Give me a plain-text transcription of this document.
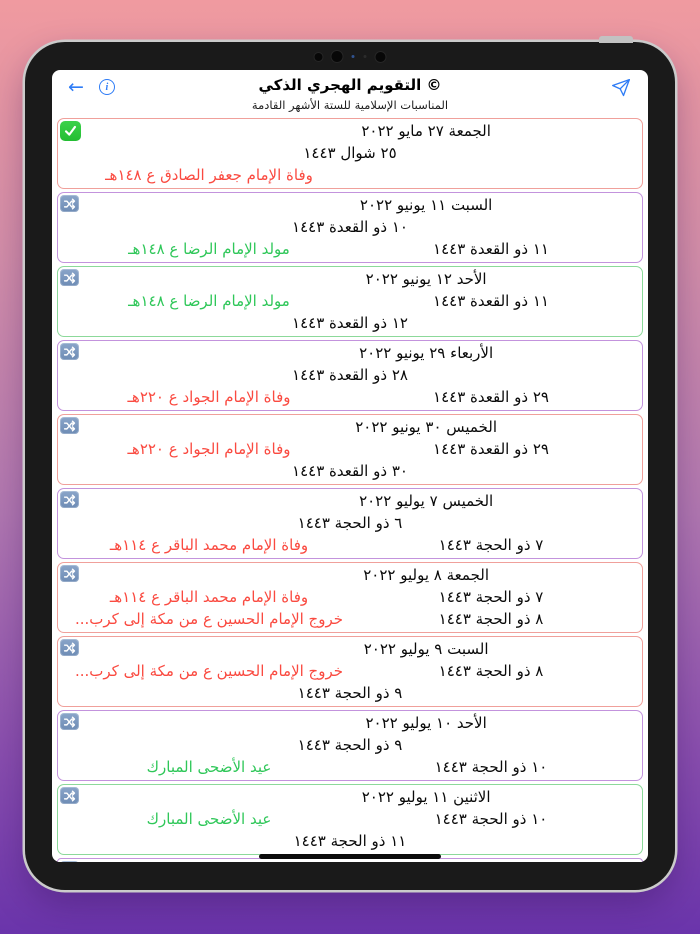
←	i	التقويم الهجري الذكي ©
المناسبات الإسلامية للستة الأشهر القادمة
الجمعة ٢٧ مايو ٢٠٢٢
٢٥ شوال ١٤٤٣
وفاة الإمام جعفر الصادق ع ١٤٨هـ
السبت ١١ يونيو ٢٠٢٢
١٠ ذو القعدة ١٤٤٣
١١ ذو القعدة ١٤٤٣
مولد الإمام الرضا ع ١٤٨هـ
الأحد ١٢ يونيو ٢٠٢٢
١١ ذو القعدة ١٤٤٣
مولد الإمام الرضا ع ١٤٨هـ
١٢ ذو القعدة ١٤٤٣
الأربعاء ٢٩ يونيو ٢٠٢٢
٢٨ ذو القعدة ١٤٤٣
٢٩ ذو القعدة ١٤٤٣
وفاة الإمام الجواد ع ٢٢٠هـ
الخميس ٣٠ يونيو ٢٠٢٢
٢٩ ذو القعدة ١٤٤٣
وفاة الإمام الجواد ع ٢٢٠هـ
٣٠ ذو القعدة ١٤٤٣
الخميس ٧ يوليو ٢٠٢٢
٦ ذو الحجة ١٤٤٣
٧ ذو الحجة ١٤٤٣
وفاة الإمام محمد الباقر ع ١١٤هـ
الجمعة ٨ يوليو ٢٠٢٢
٧ ذو الحجة ١٤٤٣
وفاة الإمام محمد الباقر ع ١١٤هـ
٨ ذو الحجة ١٤٤٣
خروج الإمام الحسين ع من مكة إلى كرب...
السبت ٩ يوليو ٢٠٢٢
٨ ذو الحجة ١٤٤٣
خروج الإمام الحسين ع من مكة إلى كرب...
٩ ذو الحجة ١٤٤٣
الأحد ١٠ يوليو ٢٠٢٢
٩ ذو الحجة ١٤٤٣
١٠ ذو الحجة ١٤٤٣
عيد الأضحى المبارك
الاثنين ١١ يوليو ٢٠٢٢
١٠ ذو الحجة ١٤٤٣
عيد الأضحى المبارك
١١ ذو الحجة ١٤٤٣
